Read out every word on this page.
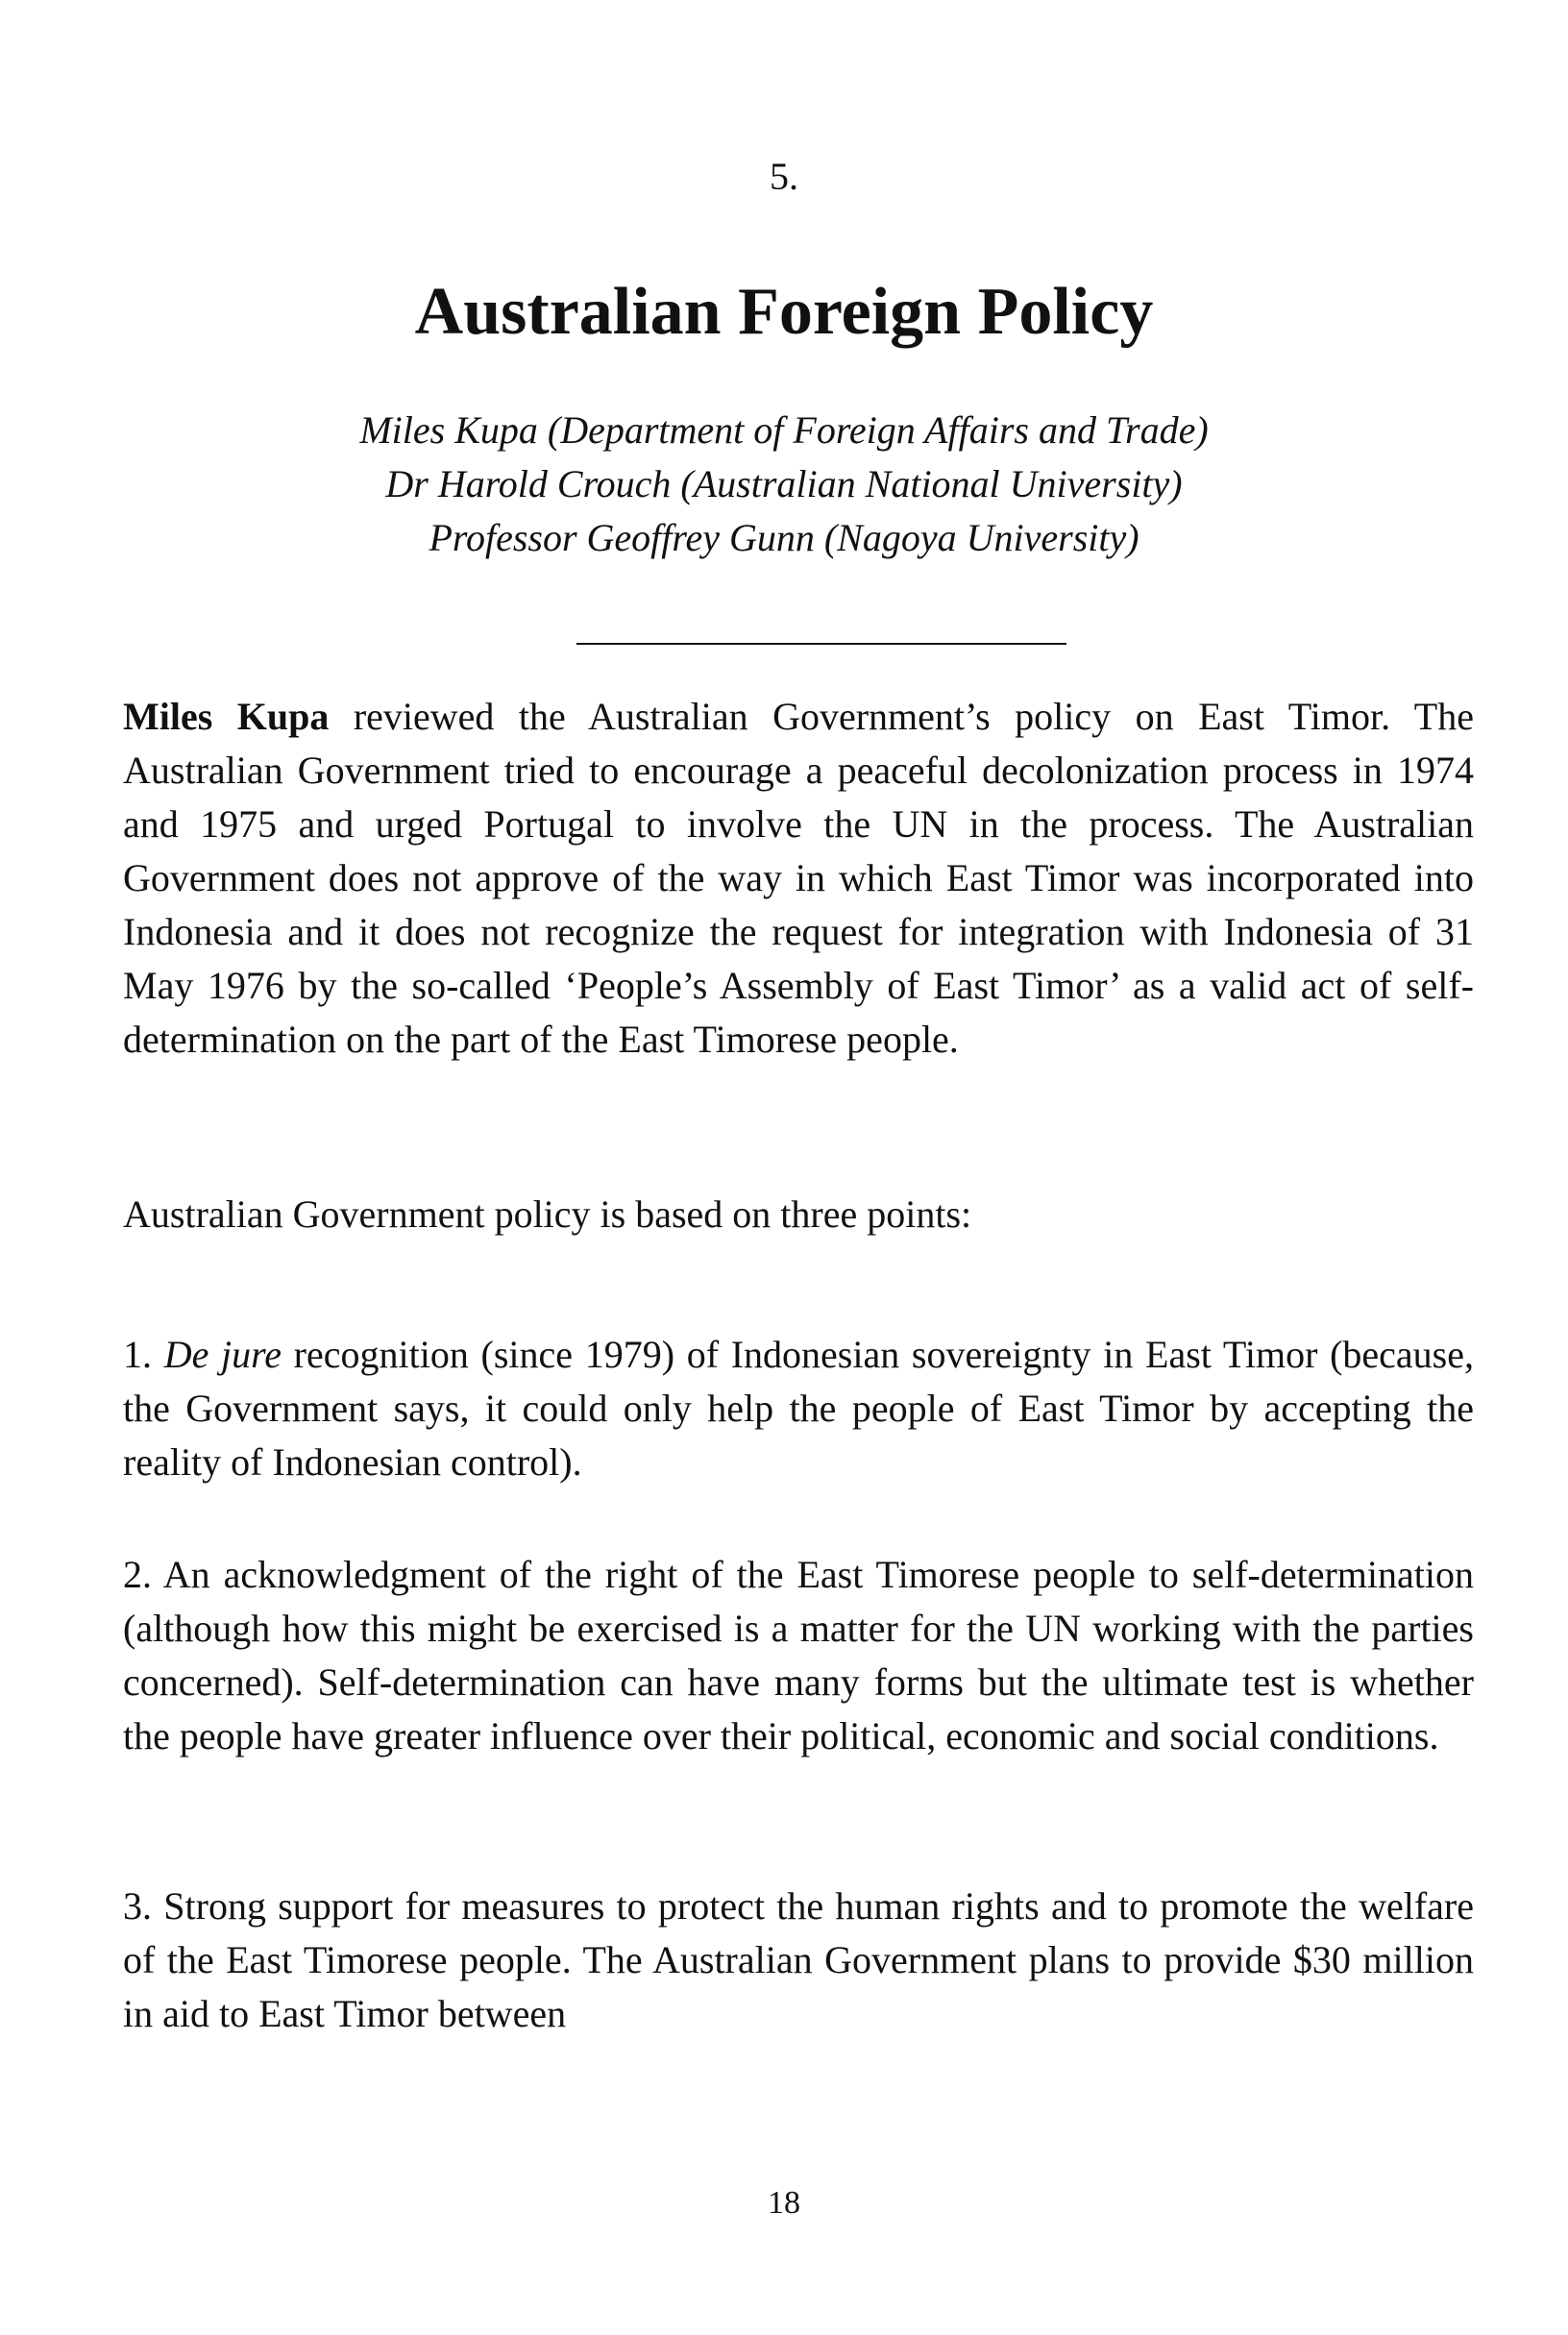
5.
Australian Foreign Policy
Miles Kupa (Department of Foreign Affairs and Trade)
Dr Harold Crouch (Australian National University)
Professor Geoffrey Gunn (Nagoya University)

Miles Kupa reviewed the Australian Government’s policy on East Timor. The Australian Government tried to encourage a peaceful decolonization process in 1974 and 1975 and urged Portugal to involve the UN in the process. The Australian Government does not approve of the way in which East Timor was incorporated into Indonesia and it does not recognize the request for integration with Indonesia of 31 May 1976 by the so-called ‘People’s Assembly of East Timor’ as a valid act of self-determination on the part of the East Timorese people.

Australian Government policy is based on three points:

1. De jure recognition (since 1979) of Indonesian sovereignty in East Timor (because, the Government says, it could only help the people of East Timor by accepting the reality of Indonesian control).

2. An acknowledgment of the right of the East Timorese people to self-determination (although how this might be exercised is a matter for the UN working with the parties concerned). Self-determination can have many forms but the ultimate test is whether the people have greater influence over their political, economic and social conditions.

3. Strong support for measures to protect the human rights and to promote the welfare of the East Timorese people. The Australian Government plans to provide $30 million in aid to East Timor between

18
